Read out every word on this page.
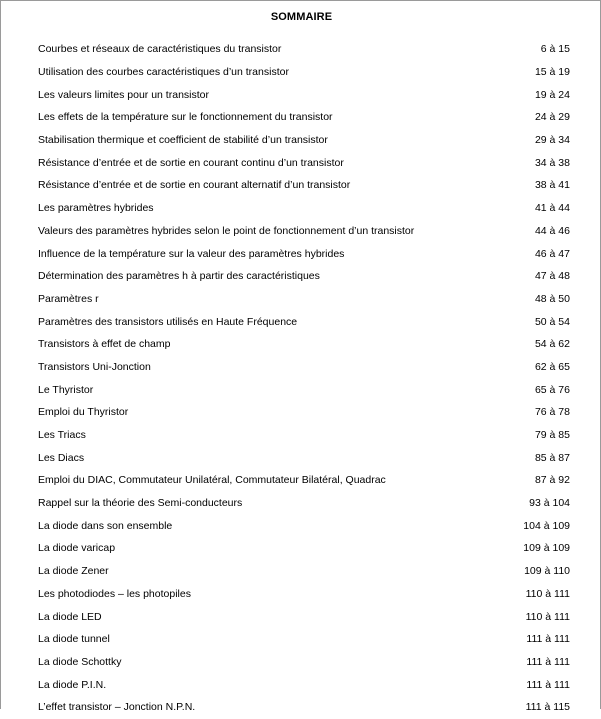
SOMMAIRE
Courbes et réseaux de caractéristiques du transistor	6 à 15
Utilisation des courbes caractéristiques d’un transistor	15 à 19
Les valeurs limites pour un transistor	19 à 24
Les effets de la température sur le fonctionnement du transistor	24 à 29
Stabilisation thermique et coefficient de stabilité d’un transistor	29 à 34
Résistance d’entrée et de sortie en courant continu d’un transistor	34 à 38
Résistance d’entrée et de sortie en courant alternatif d’un transistor	38 à 41
Les paramètres hybrides	41 à 44
Valeurs des paramètres hybrides selon le point de fonctionnement d’un transistor	44 à 46
Influence de la température sur la valeur des paramètres hybrides	46 à 47
Détermination des paramètres h à partir des caractéristiques	47 à 48
Paramètres r	48 à 50
Paramètres des transistors utilisés en Haute Fréquence	50 à 54
Transistors à effet de champ	54 à 62
Transistors Uni-Jonction	62 à 65
Le Thyristor	65 à 76
Emploi du Thyristor	76 à 78
Les Triacs	79 à 85
Les Diacs	85 à 87
Emploi du DIAC, Commutateur Unilatéral, Commutateur Bilatéral, Quadrac	87 à 92
Rappel sur la théorie des Semi-conducteurs	93 à 104
La diode dans son ensemble	104 à 109
La diode varicap	109 à 109
La diode Zener	109 à 110
Les photodiodes – les photopiles	110 à 111
La diode LED	110 à 111
La diode tunnel	111 à 111
La diode Schottky	111 à 111
La diode P.I.N.	111 à 111
L’effet transistor – Jonction N.P.N.	111 à 115
